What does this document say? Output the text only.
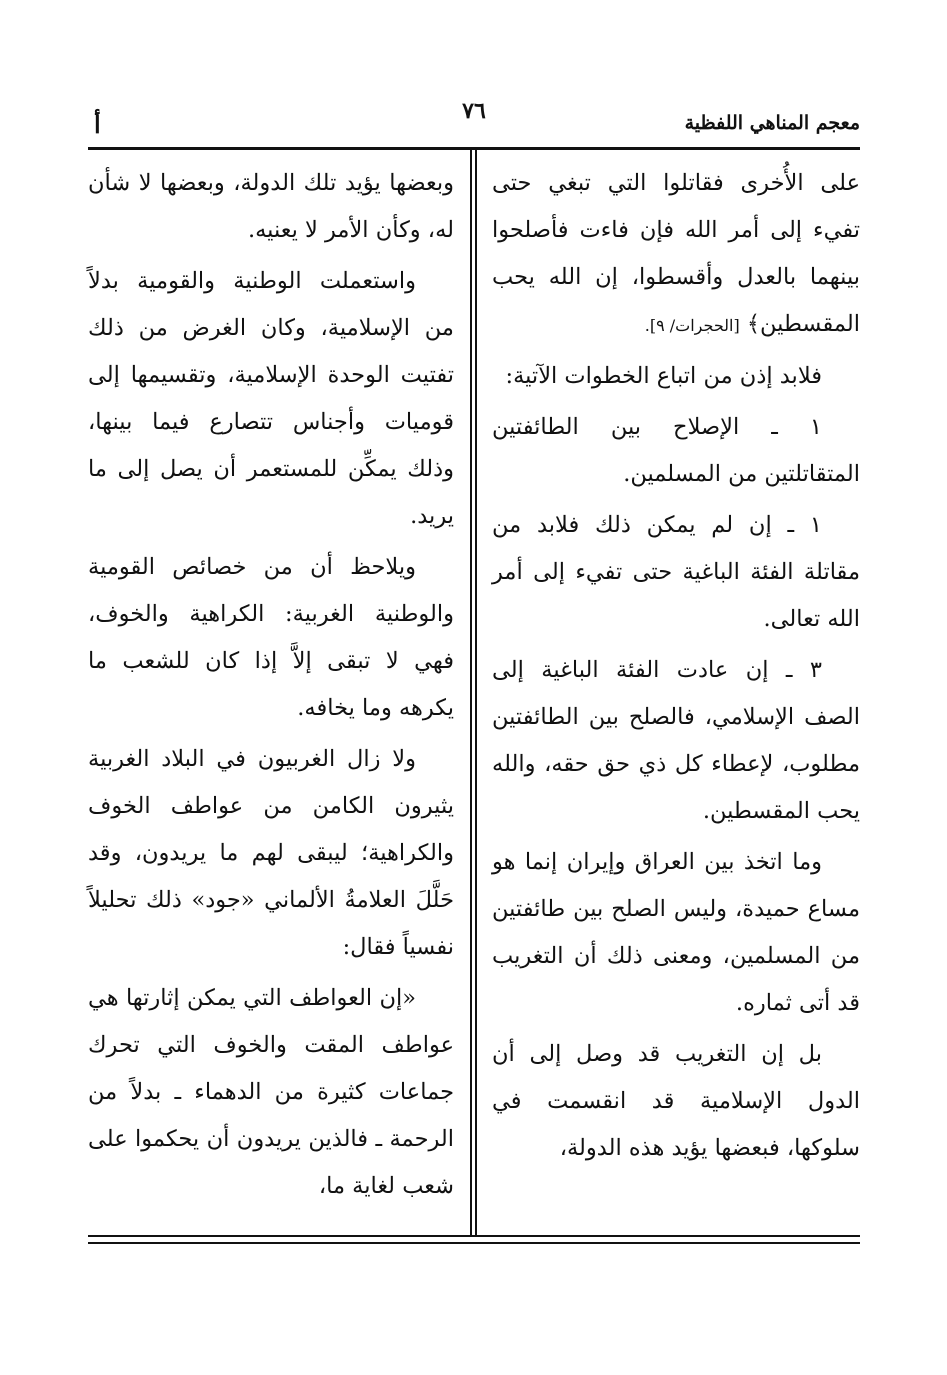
معجم المناهي اللفظية
٧٦
أ

على الأُخرى فقاتلوا التي تبغي حتى تفيء إلى أمر الله فإن فاءت فأصلحوا بينهما بالعدل وأقسطوا، إن الله يحب المقسطين﴾ [الحجرات/ ٩].

فلابد إذن من اتباع الخطوات الآتية:

١ ـ الإصلاح بين الطائفتين المتقاتلتين من المسلمين.

١ ـ إن لم يمكن ذلك فلابد من مقاتلة الفئة الباغية حتى تفيء إلى أمر الله تعالى.

٣ ـ إن عادت الفئة الباغية إلى الصف الإسلامي، فالصلح بين الطائفتين مطلوب، لإعطاء كل ذي حق حقه، والله يحب المقسطين.

وما اتخذ بين العراق وإيران إنما هو مساع حميدة، وليس الصلح بين طائفتين من المسلمين، ومعنى ذلك أن التغريب قد أتى ثماره.

بل إن التغريب قد وصل إلى أن الدول الإسلامية قد انقسمت في سلوكها، فبعضها يؤيد هذه الدولة،

وبعضها يؤيد تلك الدولة، وبعضها لا شأن له، وكأن الأمر لا يعنيه.

واستعملت الوطنية والقومية بدلاً من الإسلامية، وكان الغرض من ذلك تفتيت الوحدة الإسلامية، وتقسيمها إلى قوميات وأجناس تتصارع فيما بينها، وذلك يمكِّن للمستعمر أن يصل إلى ما يريد.

ويلاحظ أن من خصائص القومية والوطنية الغربية: الكراهية والخوف، فهي لا تبقى إلاَّ إذا كان للشعب ما يكرهه وما يخافه.

ولا زال الغربيون في البلاد الغربية يثيرون الكامن من عواطف الخوف والكراهية؛ ليبقى لهم ما يريدون، وقد حَلَّلَ العلامةُ الألماني «جود» ذلك تحليلاً نفسياً فقال:

«إن العواطف التي يمكن إثارتها هي عواطف المقت والخوف التي تحرك جماعات كثيرة من الدهماء ـ بدلاً من الرحمة ـ فالذين يريدون أن يحكموا على شعب لغاية ما،
